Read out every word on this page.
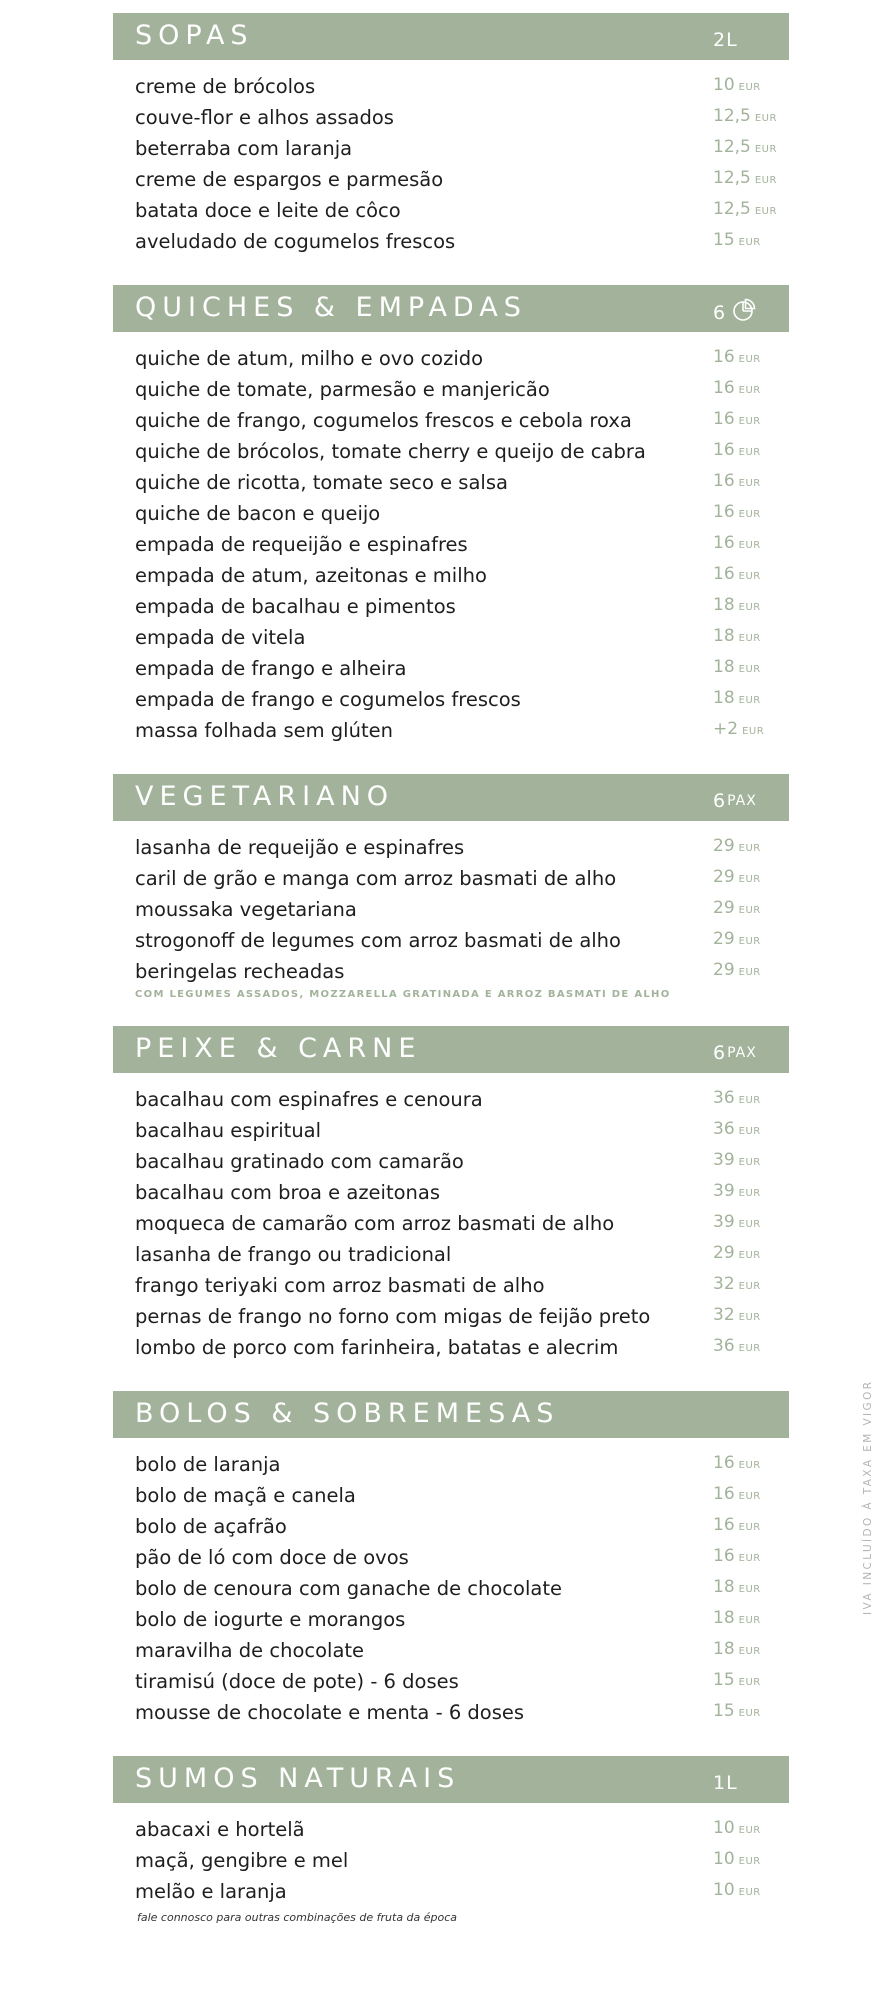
SOPAS	2L
creme de brócolos	10 EUR
couve-flor e alhos assados	12,5 EUR
beterraba com laranja	12,5 EUR
creme de espargos e parmesão	12,5 EUR
batata doce e leite de côco	12,5 EUR
aveludado de cogumelos frescos	15 EUR
QUICHES & EMPADAS	6
quiche de atum, milho e ovo cozido	16 EUR
quiche de tomate, parmesão e manjericão	16 EUR
quiche de frango, cogumelos frescos e cebola roxa	16 EUR
quiche de brócolos, tomate cherry e queijo de cabra	16 EUR
quiche de ricotta, tomate seco e salsa	16 EUR
quiche de bacon e queijo	16 EUR
empada de requeijão e espinafres	16 EUR
empada de atum, azeitonas e milho	16 EUR
empada de bacalhau e pimentos	18 EUR
empada de vitela	18 EUR
empada de frango e alheira	18 EUR
empada de frango e cogumelos frescos	18 EUR
massa folhada sem glúten	+2 EUR
VEGETARIANO	6 PAX
lasanha de requeijão e espinafres	29 EUR
caril de grão e manga com arroz basmati de alho	29 EUR
moussaka vegetariana	29 EUR
strogonoff de legumes com arroz basmati de alho	29 EUR
beringelas recheadas	29 EUR
COM LEGUMES ASSADOS, MOZZARELLA GRATINADA E ARROZ BASMATI DE ALHO
PEIXE & CARNE	6 PAX
bacalhau com espinafres e cenoura	36 EUR
bacalhau espiritual	36 EUR
bacalhau gratinado com camarão	39 EUR
bacalhau com broa e azeitonas	39 EUR
moqueca de camarão com arroz basmati de alho	39 EUR
lasanha de frango ou tradicional	29 EUR
frango teriyaki com arroz basmati de alho	32 EUR
pernas de frango no forno com migas de feijão preto	32 EUR
lombo de porco com farinheira, batatas e alecrim	36 EUR
BOLOS & SOBREMESAS
bolo de laranja	16 EUR
bolo de maçã e canela	16 EUR
bolo de açafrão	16 EUR
pão de ló com doce de ovos	16 EUR
bolo de cenoura com ganache de chocolate	18 EUR
bolo de iogurte e morangos	18 EUR
maravilha de chocolate	18 EUR
tiramisú (doce de pote) - 6 doses	15 EUR
mousse de chocolate e menta - 6 doses	15 EUR
SUMOS NATURAIS	1L
abacaxi e hortelã	10 EUR
maçã, gengibre e mel	10 EUR
melão e laranja	10 EUR
fale connosco para outras combinações de fruta da época
IVA INCLUÍDO À TAXA EM VIGOR
